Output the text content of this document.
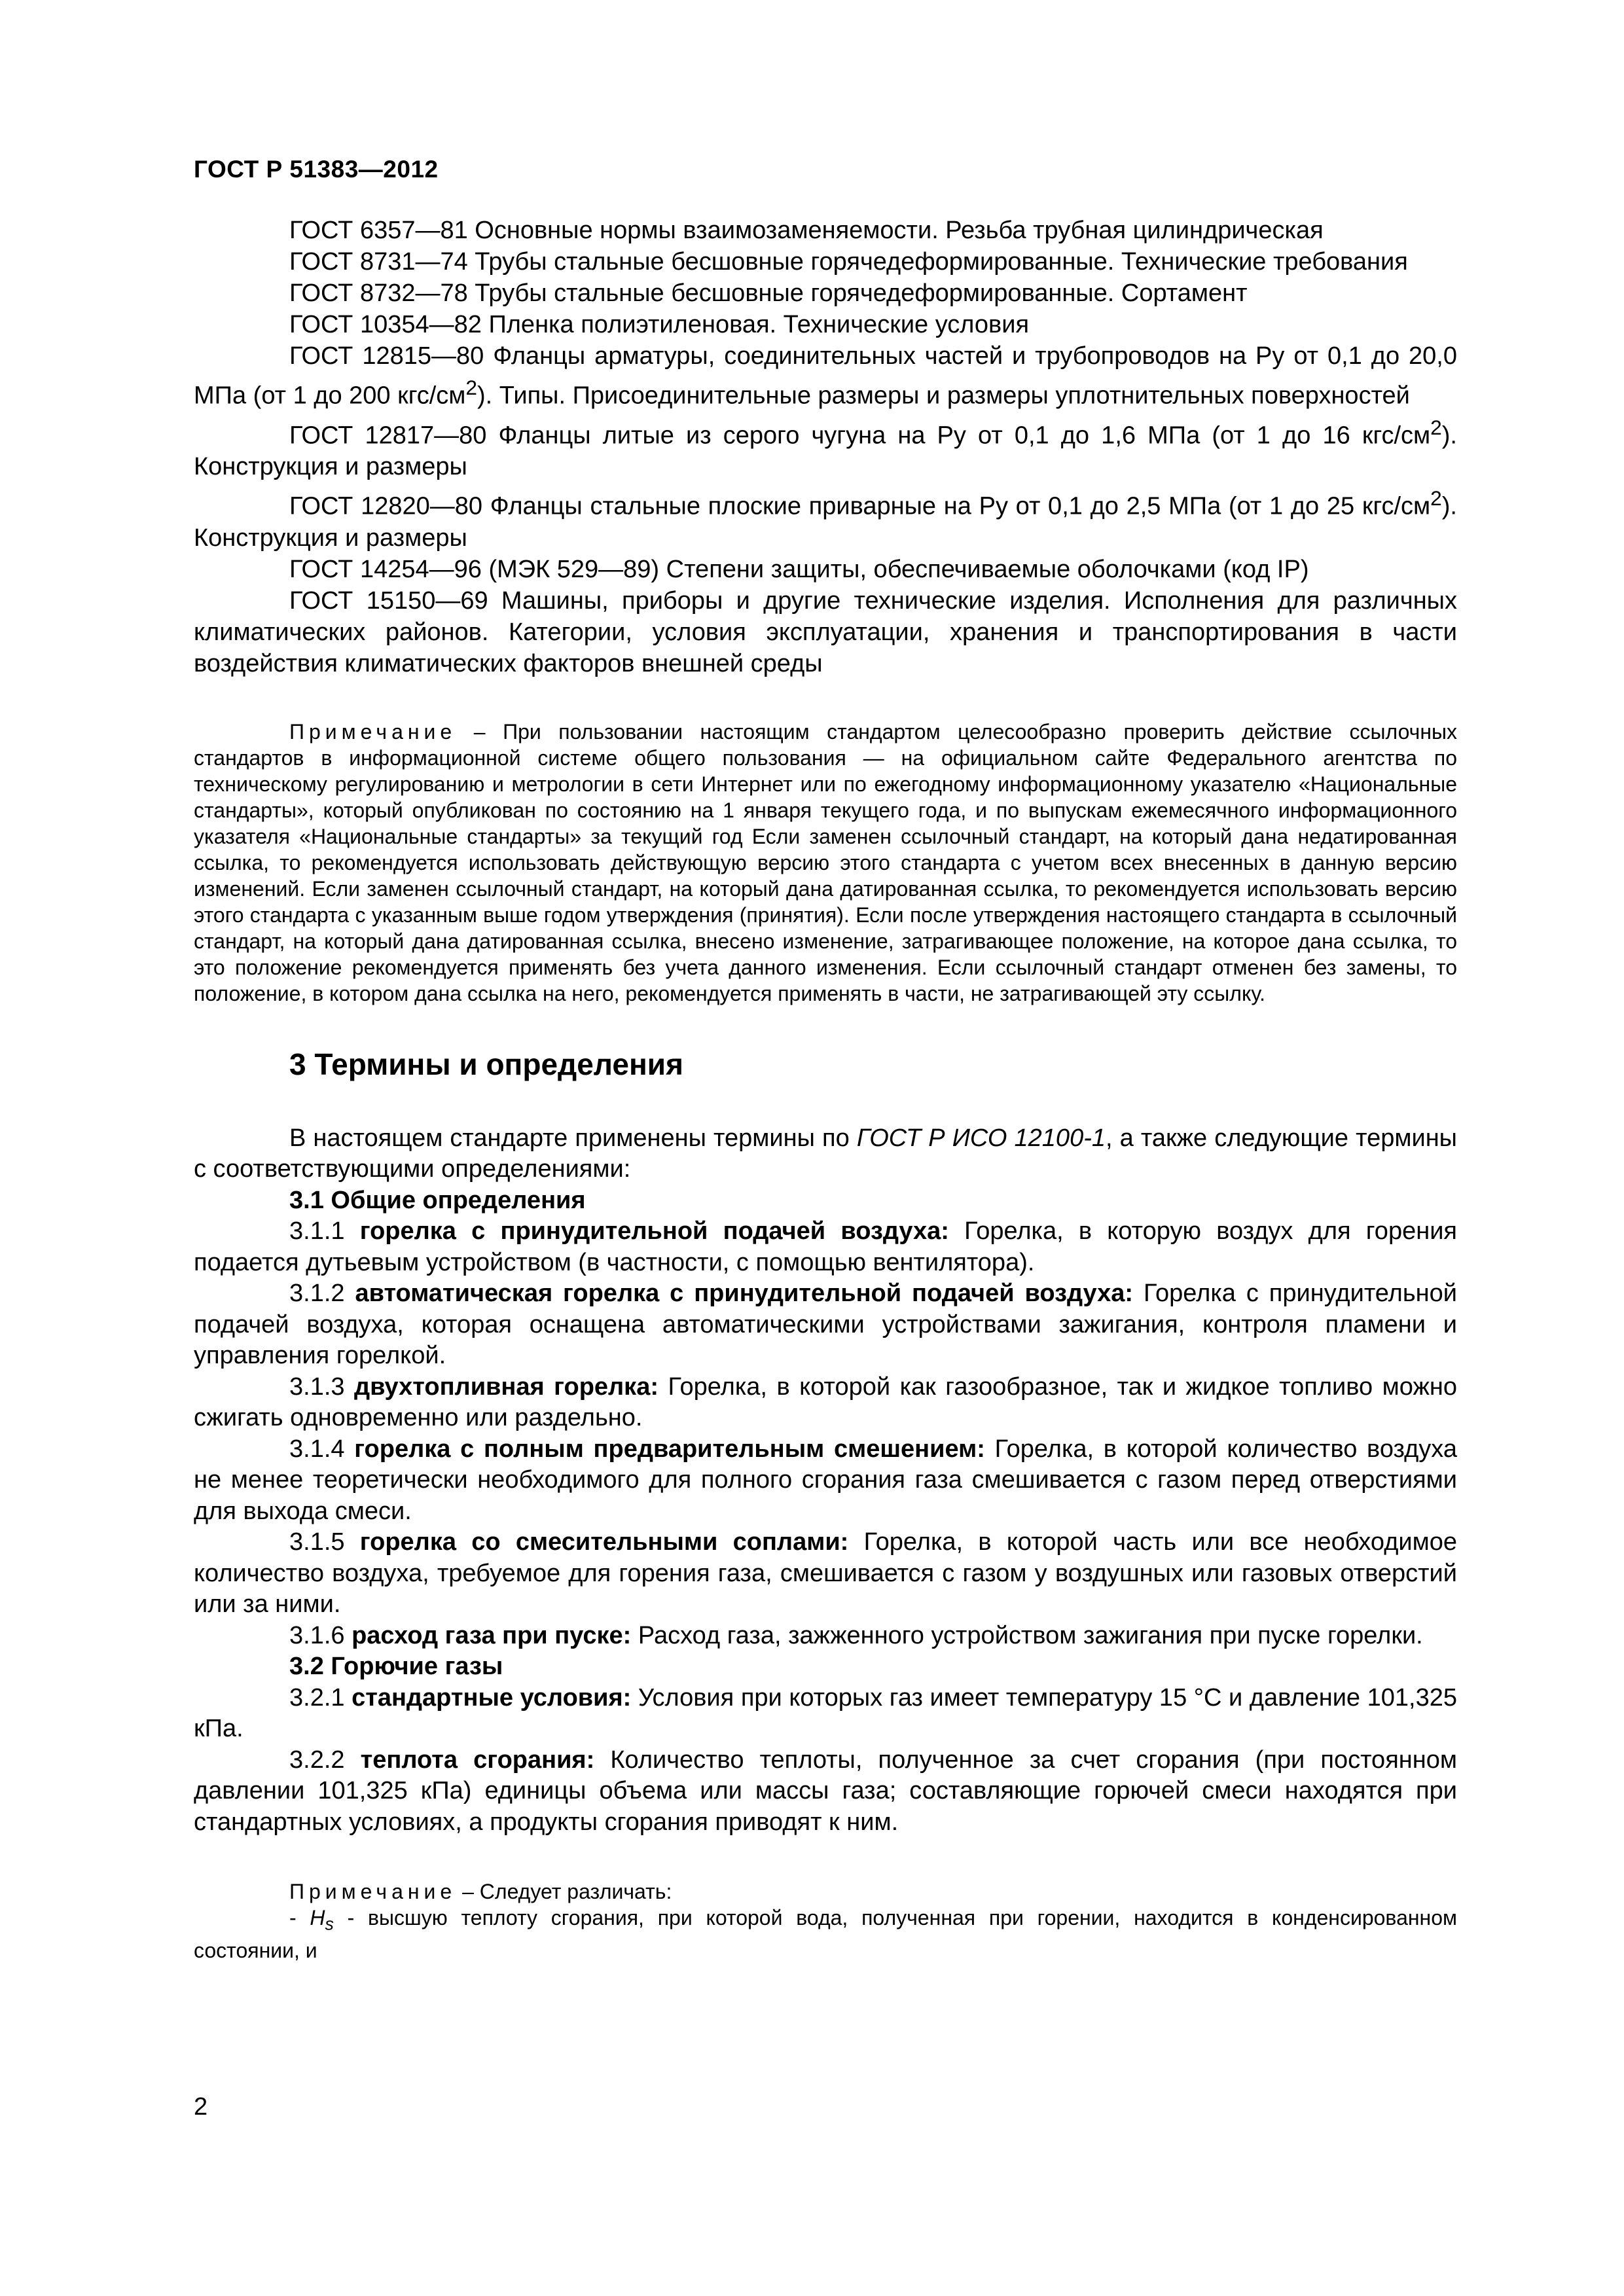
ГОСТ Р 51383—2012

ГОСТ 6357—81 Основные нормы взаимозаменяемости. Резьба трубная цилиндрическая

ГОСТ 8731—74 Трубы стальные бесшовные горячедеформированные. Технические требования

ГОСТ 8732—78 Трубы стальные бесшовные горячедеформированные. Сортамент

ГОСТ 10354—82 Пленка полиэтиленовая. Технические условия

ГОСТ 12815—80 Фланцы арматуры, соединительных частей и трубопроводов на Ру от 0,1 до 20,0 МПа (от 1 до 200 кгс/$см^2$). Типы. Присоединительные размеры и размеры уплотнительных поверхностей

ГОСТ 12817—80 Фланцы литые из серого чугуна на Ру от 0,1 до 1,6 МПа (от 1 до 16 кгс/$см^2$). Конструкция и размеры

ГОСТ 12820—80 Фланцы стальные плоские приварные на Ру от 0,1 до 2,5 МПа (от 1 до 25 кгс/$см^2$). Конструкция и размеры

ГОСТ 14254—96 (МЭК 529—89) Степени защиты, обеспечиваемые оболочками (код IP)

ГОСТ 15150—69 Машины, приборы и другие технические изделия. Исполнения для различных климатических районов. Категории, условия эксплуатации, хранения и транспортирования в части воздействия климатических факторов внешней среды

Примечание – При пользовании настоящим стандартом целесообразно проверить действие ссылочных стандартов в информационной системе общего пользования — на официальном сайте Федерального агентства по техническому регулированию и метрологии в сети Интернет или по ежегодному информационному указателю «Национальные стандарты», который опубликован по состоянию на 1 января текущего года, и по выпускам ежемесячного информационного указателя «Национальные стандарты» за текущий год Если заменен ссылочный стандарт, на который дана недатированная ссылка, то рекомендуется использовать действующую версию этого стандарта с учетом всех внесенных в данную версию изменений. Если заменен ссылочный стандарт, на который дана датированная ссылка, то рекомендуется использовать версию этого стандарта с указанным выше годом утверждения (принятия). Если после утверждения настоящего стандарта в ссылочный стандарт, на который дана датированная ссылка, внесено изменение, затрагивающее положение, на которое дана ссылка, то это положение рекомендуется применять без учета данного изменения. Если ссылочный стандарт отменен без замены, то положение, в котором дана ссылка на него, рекомендуется применять в части, не затрагивающей эту ссылку.

3 Термины и определения

В настоящем стандарте применены термины по ГОСТ Р ИСО 12100-1, а также следующие термины с соответствующими определениями:

3.1 Общие определения

3.1.1 горелка с принудительной подачей воздуха: Горелка, в которую воздух для горения подается дутьевым устройством (в частности, с помощью вентилятора).

3.1.2 автоматическая горелка с принудительной подачей воздуха: Горелка с принудительной подачей воздуха, которая оснащена автоматическими устройствами зажигания, контроля пламени и управления горелкой.

3.1.3 двухтопливная горелка: Горелка, в которой как газообразное, так и жидкое топливо можно сжигать одновременно или раздельно.

3.1.4 горелка с полным предварительным смешением: Горелка, в которой количество воздуха не менее теоретически необходимого для полного сгорания газа смешивается с газом перед отверстиями для выхода смеси.

3.1.5 горелка со смесительными соплами: Горелка, в которой часть или все необходимое количество воздуха, требуемое для горения газа, смешивается с газом у воздушных или газовых отверстий или за ними.

3.1.6 расход газа при пуске: Расход газа, зажженного устройством зажигания при пуске горелки.

3.2 Горючие газы

3.2.1 стандартные условия: Условия при которых газ имеет температуру 15 °С и давление 101,325 кПа.

3.2.2 теплота сгорания: Количество теплоты, полученное за счет сгорания (при постоянном давлении 101,325 кПа) единицы объема или массы газа; составляющие горючей смеси находятся при стандартных условиях, а продукты сгорания приводят к ним.

Примечание – Следует различать:

- $H_s$ - высшую теплоту сгорания, при которой вода, полученная при горении, находится в конденсированном состоянии, и

2
